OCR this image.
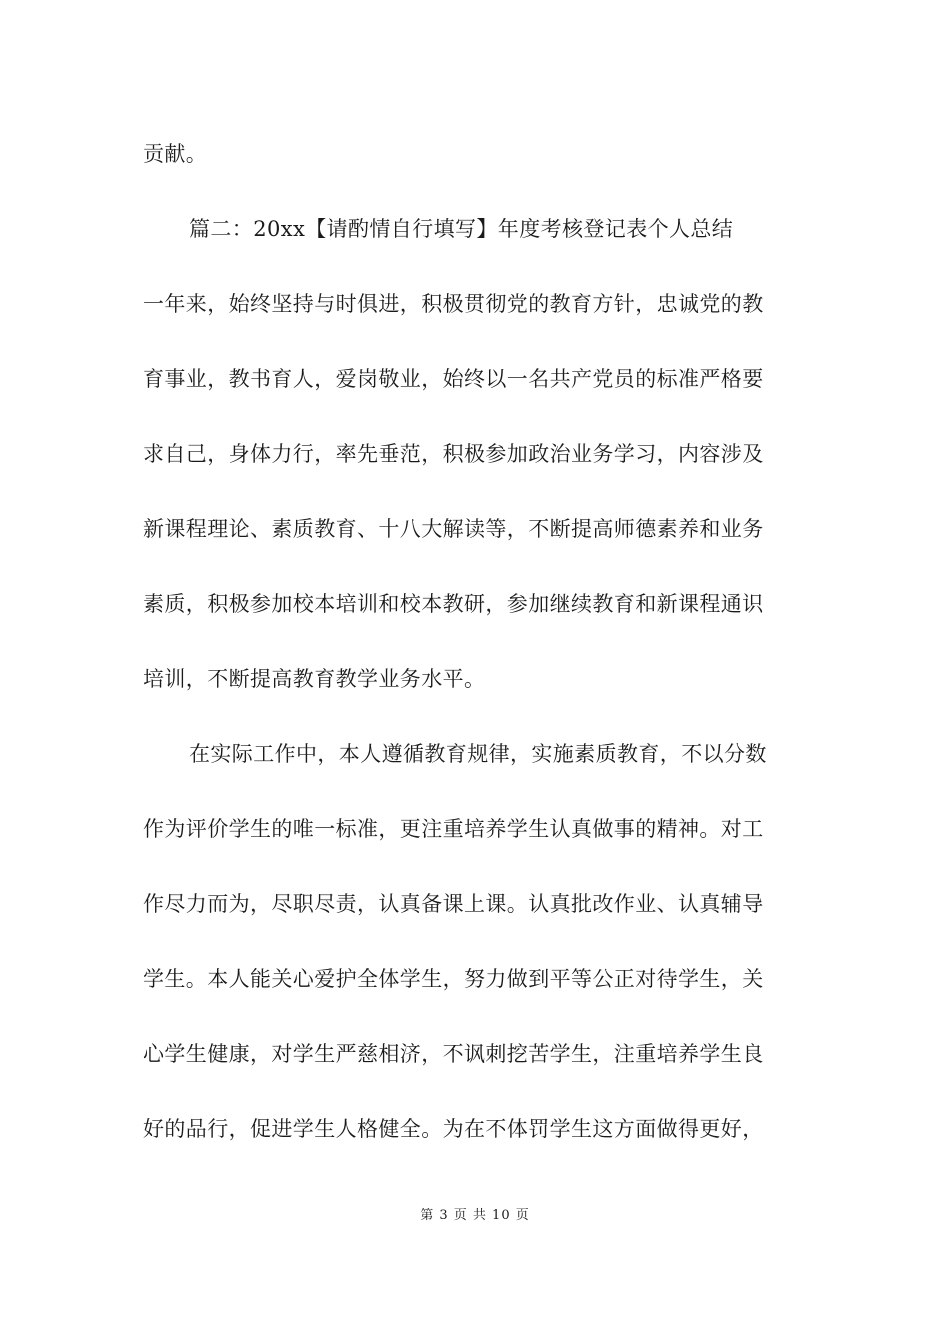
贡献。
篇二：20xx【请酌情自行填写】年度考核登记表个人总结
一年来，始终坚持与时俱进，积极贯彻党的教育方针，忠诚党的教
育事业，教书育人，爱岗敬业，始终以一名共产党员的标准严格要
求自己，身体力行，率先垂范，积极参加政治业务学习，内容涉及
新课程理论、素质教育、十八大解读等，不断提高师德素养和业务
素质，积极参加校本培训和校本教研，参加继续教育和新课程通识
培训，不断提高教育教学业务水平。
在实际工作中，本人遵循教育规律，实施素质教育，不以分数
作为评价学生的唯一标准，更注重培养学生认真做事的精神。对工
作尽力而为，尽职尽责，认真备课上课。认真批改作业、认真辅导
学生。本人能关心爱护全体学生，努力做到平等公正对待学生，关
心学生健康，对学生严慈相济，不讽刺挖苦学生，注重培养学生良
好的品行，促进学生人格健全。为在不体罚学生这方面做得更好，
第 3 页 共 10 页
